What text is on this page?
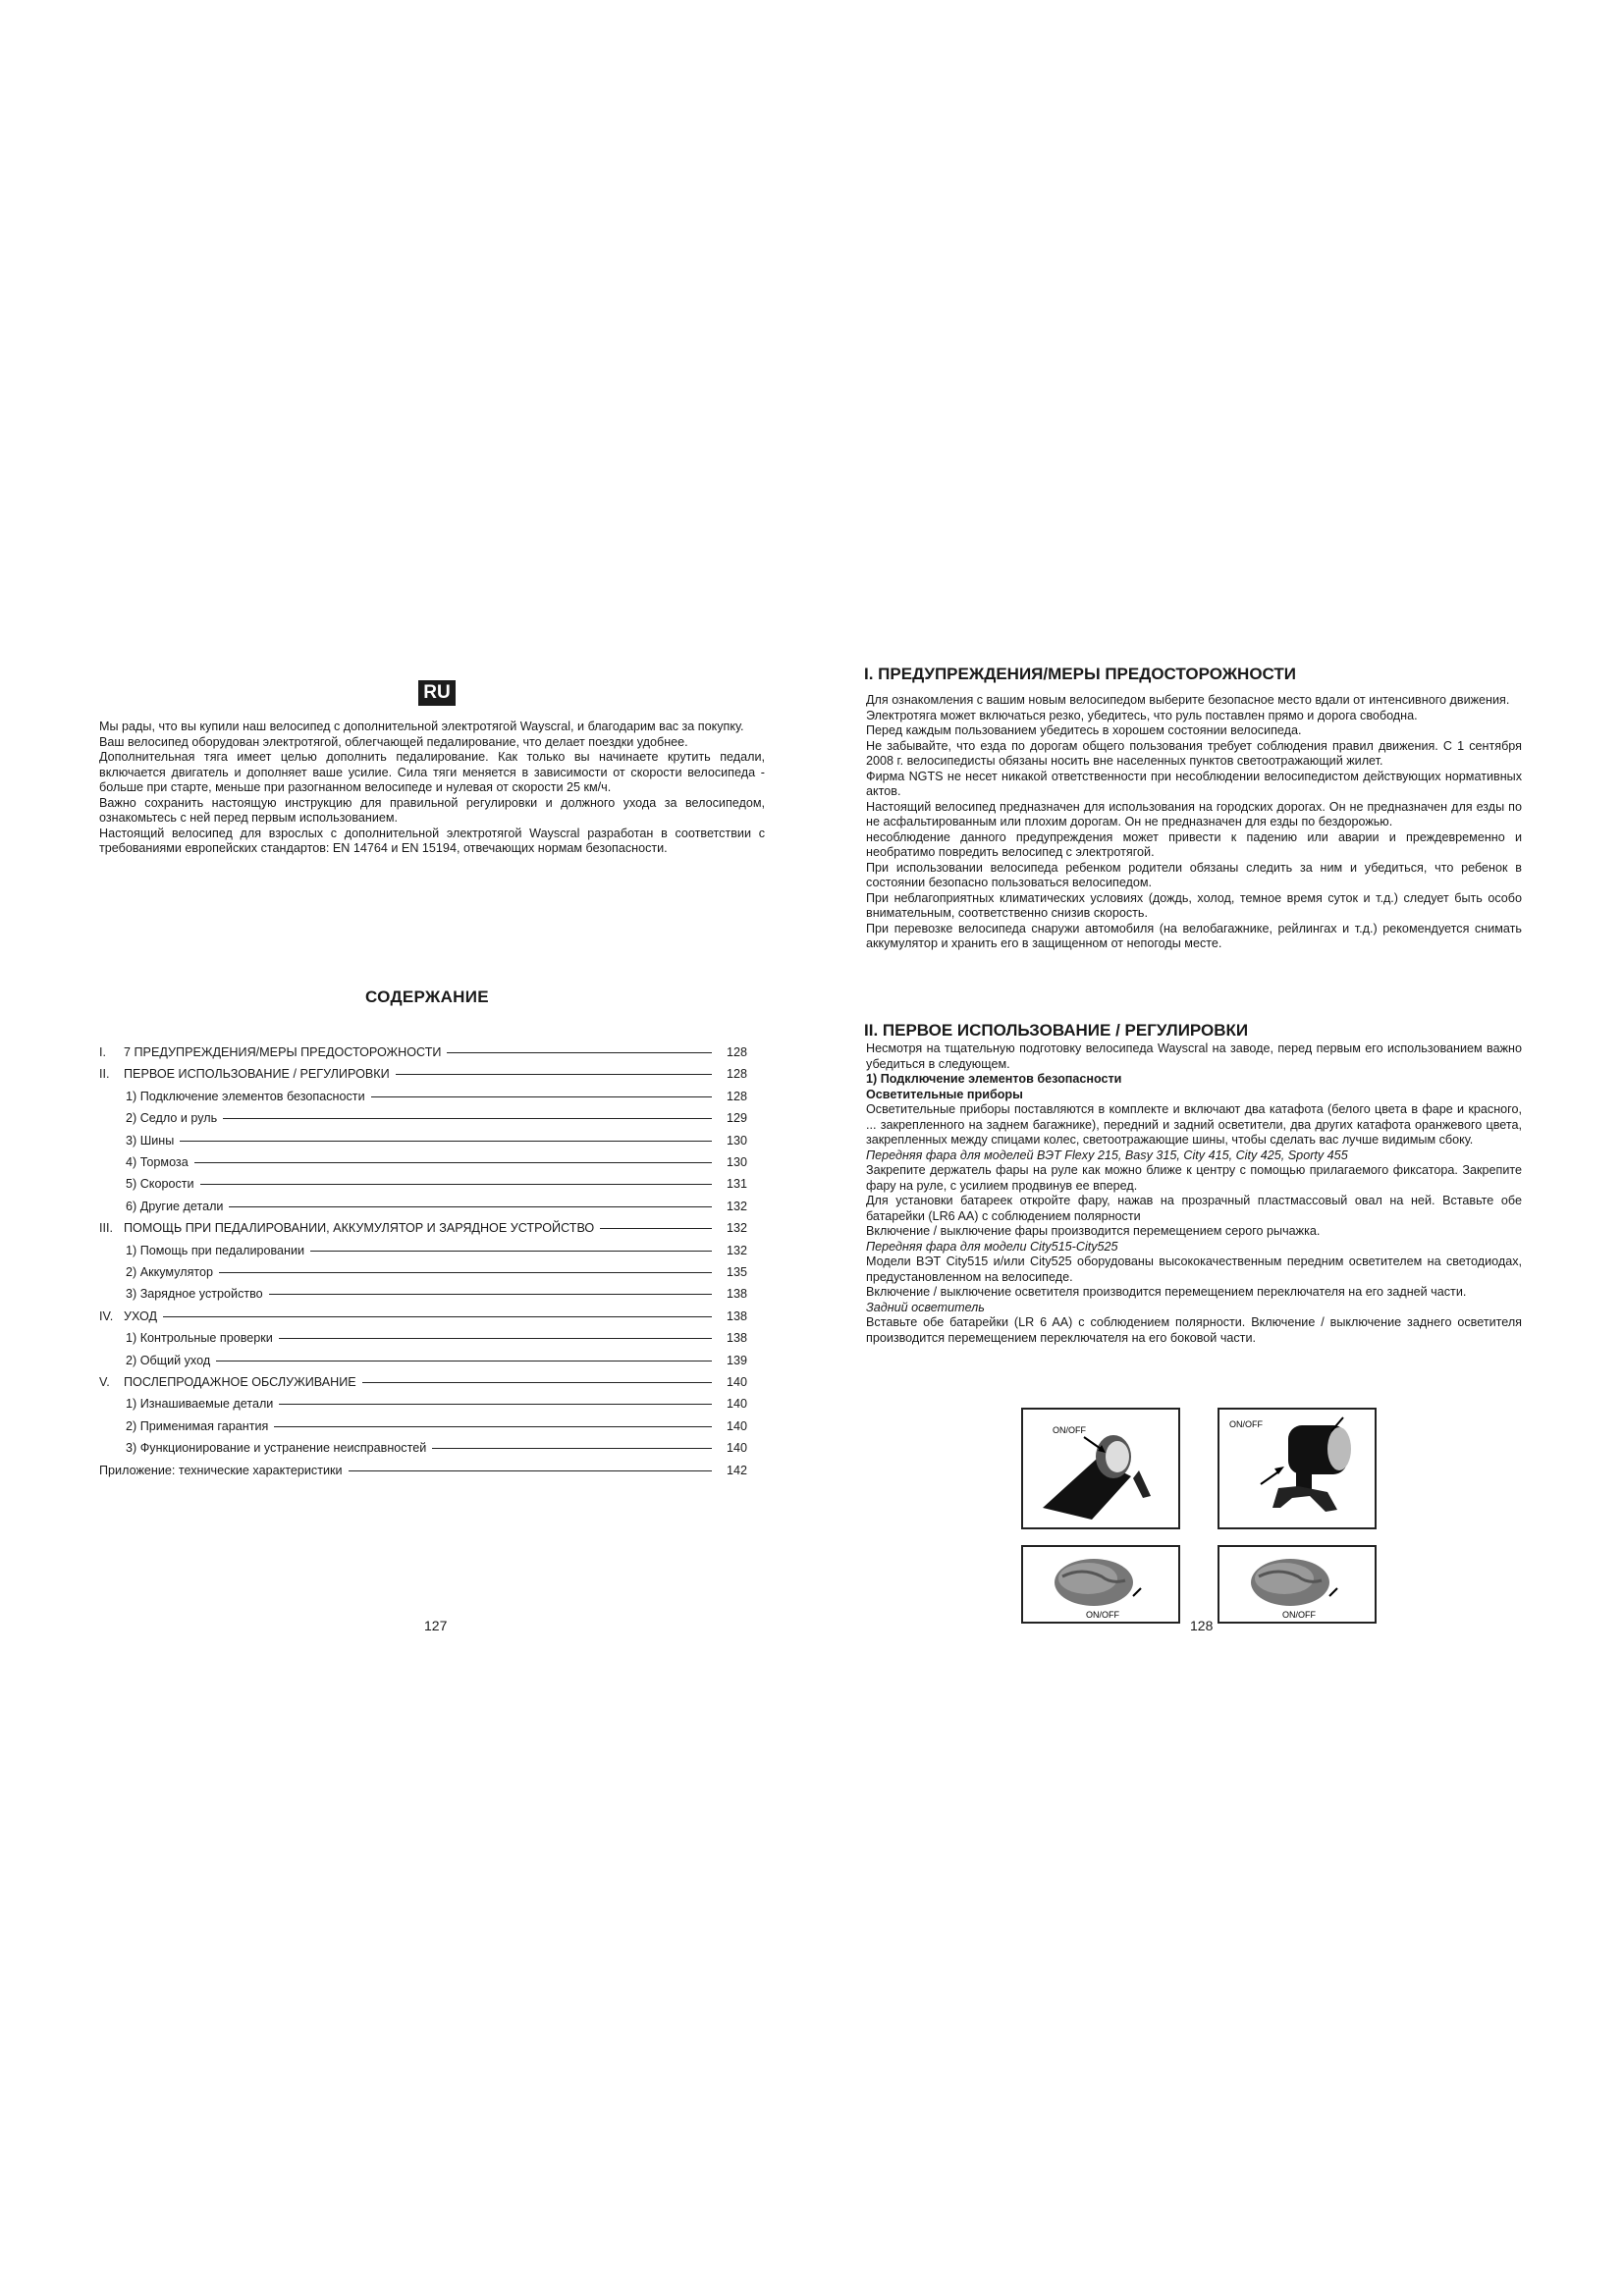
RU

Мы рады, что вы купили наш велосипед с дополнительной электротягой Wayscral, и благодарим вас за покупку.

Ваш велосипед оборудован электротягой, облегчающей педалирование, что делает поездки удобнее.

Дополнительная тяга имеет целью дополнить педалирование. Как только вы начинаете крутить педали, включается двигатель и дополняет ваше усилие. Сила тяги меняется в зависимости от скорости велосипеда - больше при старте, меньше при разогнанном велосипеде и нулевая от скорости 25 км/ч.

Важно сохранить настоящую инструкцию для правильной регулировки и должного ухода за велосипедом, ознакомьтесь с ней перед первым использованием.

Настоящий велосипед для взрослых с дополнительной электротягой Wayscral разработан в соответствии с требованиями европейских стандартов: EN 14764 и EN 15194, отвечающих нормам безопасности.

СОДЕРЖАНИЕ
I.	7 ПРЕДУПРЕЖДЕНИЯ/МЕРЫ ПРЕДОСТОРОЖНОСТИ	128
II.	ПЕРВОЕ ИСПОЛЬЗОВАНИЕ / РЕГУЛИРОВКИ	128
1) Подключение элементов безопасности	128
2) Седло и руль	129
3) Шины	130
4) Тормоза	130
5) Скорости	131
6) Другие детали	132
III. ПОМОЩЬ ПРИ ПЕДАЛИРОВАНИИ, АККУМУЛЯТОР И ЗАРЯДНОЕ УСТРОЙСТВО	132
1) Помощь при педалировании	132
2) Аккумулятор	135
3) Зарядное устройство	138
IV. УХОД	138
1) Контрольные проверки	138
2) Общий уход	139
V.	ПОСЛЕПРОДАЖНОЕ ОБСЛУЖИВАНИЕ	140
1) Изнашиваемые детали	140
2) Применимая гарантия	140
3) Функционирование и устранение неисправностей	140
Приложение: технические характеристики	142
127
I. ПРЕДУПРЕЖДЕНИЯ/МЕРЫ ПРЕДОСТОРОЖНОСТИ

Для ознакомления с вашим новым велосипедом выберите безопасное место вдали от интенсивного движения.

Электротяга может включаться резко, убедитесь, что руль поставлен прямо и дорога свободна.

Перед каждым пользованием убедитесь в хорошем состоянии велосипеда.

Не забывайте, что езда по дорогам общего пользования требует соблюдения правил движения. С 1 сентября 2008 г. велосипедисты обязаны носить вне населенных пунктов светоотражающий жилет.

Фирма NGTS не несет никакой ответственности при несоблюдении велосипедистом действующих нормативных актов.

Настоящий велосипед предназначен для использования на городских дорогах. Он не предназначен для езды по не асфальтированным или плохим дорогам. Он не предназначен для езды по бездорожью.

несоблюдение данного предупреждения может привести к падению или аварии и преждевременно и необратимо повредить велосипед с электротягой.

При использовании велосипеда ребенком родители обязаны следить за ним и убедиться, что ребенок в состоянии безопасно пользоваться велосипедом.

При неблагоприятных климатических условиях (дождь, холод, темное время суток и т.д.) следует быть особо внимательным, соответственно снизив скорость.

При перевозке велосипеда снаружи автомобиля (на велобагажнике, рейлингах и т.д.) рекомендуется снимать аккумулятор и хранить его в защищенном от непогоды месте.

II. ПЕРВОЕ ИСПОЛЬЗОВАНИЕ / РЕГУЛИРОВКИ

Несмотря на тщательную подготовку велосипеда Wayscral на заводе, перед первым его использованием важно убедиться в следующем.

1) Подключение элементов безопасности

Осветительные приборы

Осветительные приборы поставляются в комплекте и включают два катафота (белого цвета в фаре и красного, ... закрепленного на заднем багажнике), передний и задний осветители, два других катафота оранжевого цвета, закрепленных между спицами колес, светоотражающие шины, чтобы сделать вас лучше видимым сбоку.

Передняя фара для моделей ВЭТ Flexy 215, Basy 315, City 415, City 425, Sporty 455

Закрепите держатель фары на руле как можно ближе к центру с помощью прилагаемого фиксатора. Закрепите фару на руле, с усилием продвинув ее вперед.

Для установки батареек откройте фару, нажав на прозрачный пластмассовый овал на ней. Вставьте обе батарейки (LR6 AA) с соблюдением полярности

Включение / выключение фары производится перемещением серого рычажка.

Передняя фара для модели City515-City525

Модели ВЭТ City515 и/или City525 оборудованы высококачественным передним осветителем на светодиодах, предустановленном на велосипеде.

Включение / выключение осветителя производится перемещением переключателя на его задней части.

Задний осветитель

Вставьте обе батарейки (LR 6 AA) с соблюдением полярности. Включение / выключение заднего осветителя производится перемещением переключателя на его боковой части.

ON/OFF
ON/OFF
ON/OFF	ON/OFF
128
